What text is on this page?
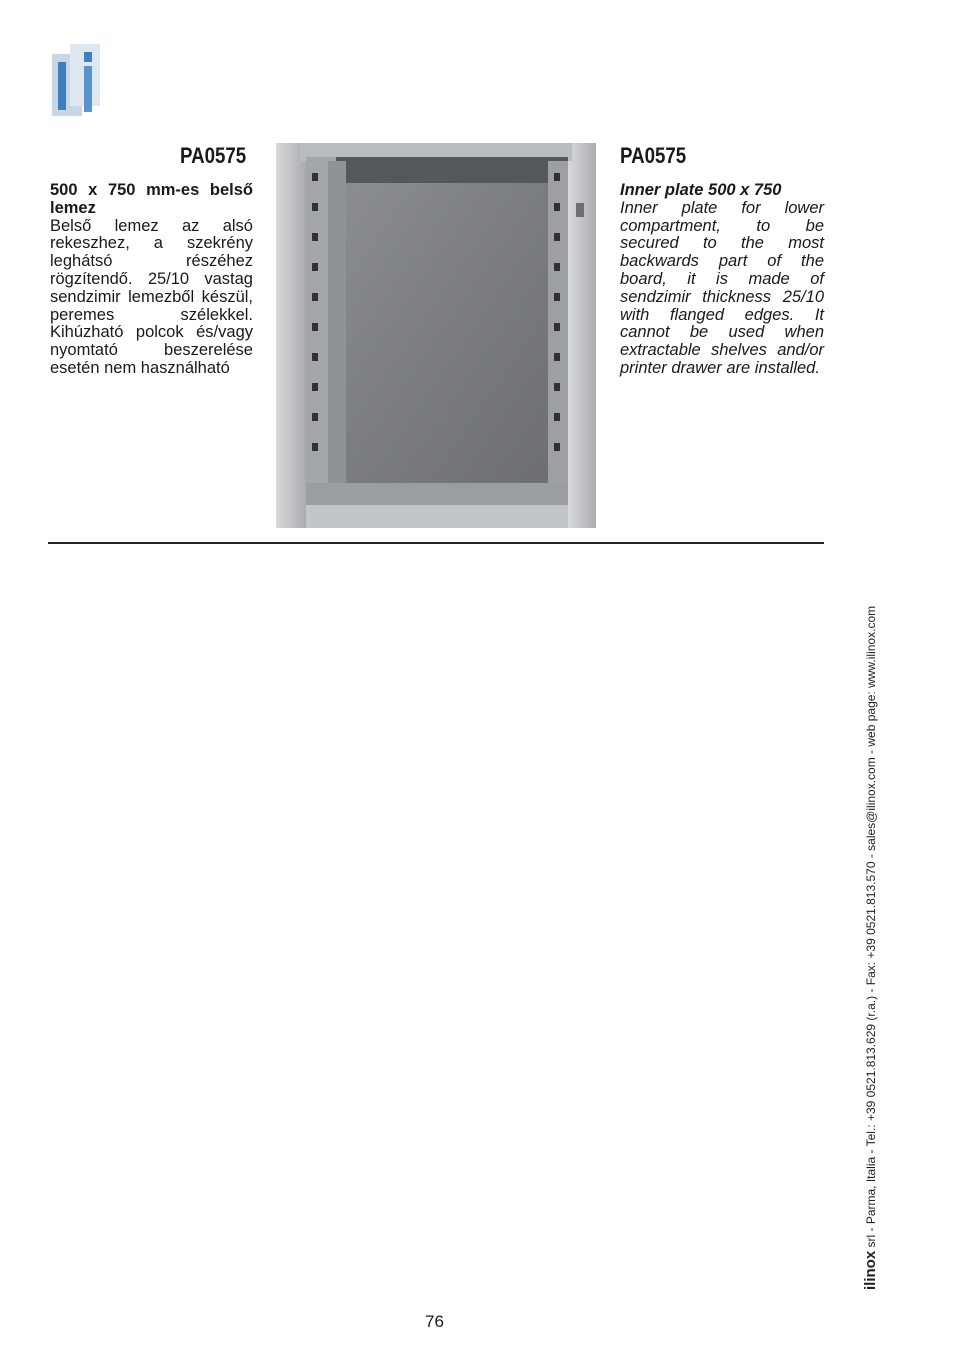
PA0575	PA0575

500 x 750 mm-es belső lemez

Belső lemez az alsó rekeszhez, a szekrény leghátsó részéhez rögzítendő. 25/10 vastag sendzimir lemezből készül, peremes szélekkel. Kihúzható polcok és/vagy nyomtató beszerelése esetén nem használható

Inner plate 500 x 750

Inner plate for lower compartment, to be secured to the most backwards part of the board, it is made of sendzimir thickness 25/10 with flanged edges. It cannot be used when extractable shelves and/or printer drawer are installed.

76
ilinox srl - Parma, Italia - Tel.: +39 0521.813.629 (r.a.) - Fax: +39 0521.813.570 - sales@ilinox.com - web page: www.ilinox.com
